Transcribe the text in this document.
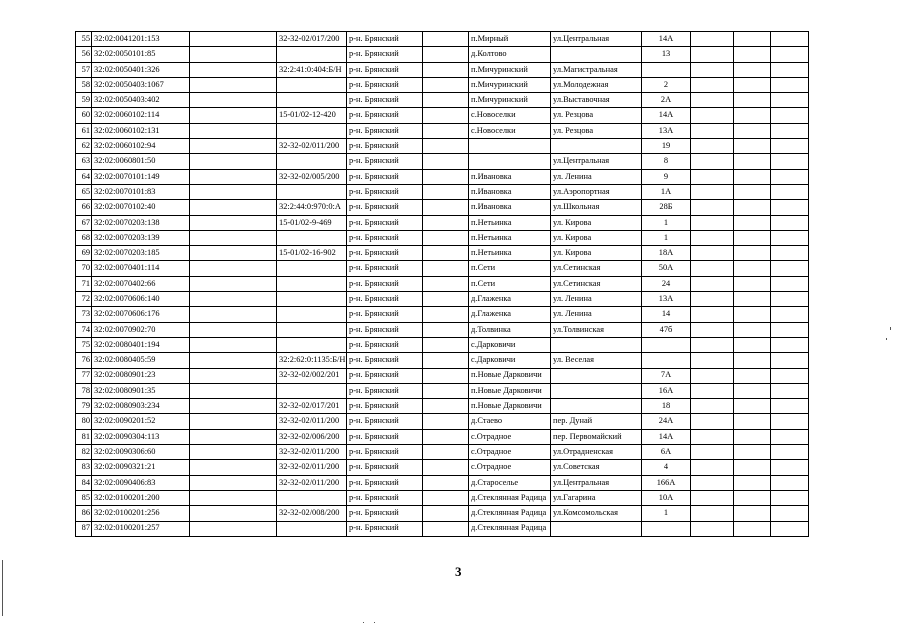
55	32:02:0041201:153		32-32-02/017/200	р-н. Брянский		п.Мирный	ул.Центральная	14А			
56	32:02:0050101:85			р-н. Брянский		д.Колтово		13			
57	32:02:0050401:326		32:2:41:0:404:Б/Н	р-н. Брянский		п.Мичуринский	ул.Магистральная				
58	32:02:0050403:1067			р-н. Брянский		п.Мичуринский	ул.Молодежная	2			
59	32:02:0050403:402			р-н. Брянский		п.Мичуринский	ул.Выставочная	2А			
60	32:02:0060102:114		15-01/02-12-420	р-н. Брянский		с.Новоселки	ул. Резцова	14А			
61	32:02:0060102:131			р-н. Брянский		с.Новоселки	ул. Резцова	13А			
62	32:02:0060102:94		32-32-02/011/200	р-н. Брянский				19			
63	32:02:0060801:50			р-н. Брянский			ул.Центральная	8			
64	32:02:0070101:149		32-32-02/005/200	р-н. Брянский		п.Ивановка	ул. Ленина	9			
65	32:02:0070101:83			р-н. Брянский		п.Ивановка	ул.Аэропортная	1А			
66	32:02:0070102:40		32:2:44:0:970:0:А	р-н. Брянский		п.Ивановка	ул.Школьная	28Б			
67	32:02:0070203:138		15-01/02-9-469	р-н. Брянский		п.Нетьинка	ул. Кирова	1			
68	32:02:0070203:139			р-н. Брянский		п.Нетьинка	ул. Кирова	1			
69	32:02:0070203:185		15-01/02-16-902	р-н. Брянский		п.Нетьинка	ул. Кирова	18А			
70	32:02:0070401:114			р-н. Брянский		п.Сети	ул.Сетинская	50А			
71	32:02:0070402:66			р-н. Брянский		п.Сети	ул.Сетинская	24			
72	32:02:0070606:140			р-н. Брянский		д.Глаженка	ул. Ленина	13А			
73	32:02:0070606:176			р-н. Брянский		д.Глаженка	ул. Ленина	14			
74	32:02:0070902:70			р-н. Брянский		д.Толвинка	ул.Толвинская	47б			
75	32:02:0080401:194			р-н. Брянский		с.Дарковичи					
76	32:02:0080405:59		32:2:62:0:1135:Б/Н	р-н. Брянский		с.Дарковичи	ул. Веселая				
77	32:02:0080901:23		32-32-02/002/201	р-н. Брянский		п.Новые Дарковичи		7А			
78	32:02:0080901:35			р-н. Брянский		п.Новые Дарковичи		16А			
79	32:02:0080903:234		32-32-02/017/201	р-н. Брянский		п.Новые Дарковичи		18			
80	32:02:0090201:52		32-32-02/011/200	р-н. Брянский		д.Стаево	пер. Дунай	24А			
81	32:02:0090304:113		32-32-02/006/200	р-н. Брянский		с.Отрадное	пер. Первомайский	14А			
82	32:02:0090306:60		32-32-02/011/200	р-н. Брянский		с.Отрадное	ул.Отрадненская	6А			
83	32:02:0090321:21		32-32-02/011/200	р-н. Брянский		с.Отрадное	ул.Советская	4			
84	32:02:0090406:83		32-32-02/011/200	р-н. Брянский		д.Староселье	ул.Центральная	166А			
85	32:02:0100201:200			р-н. Брянский		д.Стеклянная Радица	ул.Гагарина	10А			
86	32:02:0100201:256		32-32-02/008/200	р-н. Брянский		д.Стеклянная Радица	ул.Комсомольская	1			
87	32:02:0100201:257			р-н. Брянский		д.Стеклянная Радица					
3
